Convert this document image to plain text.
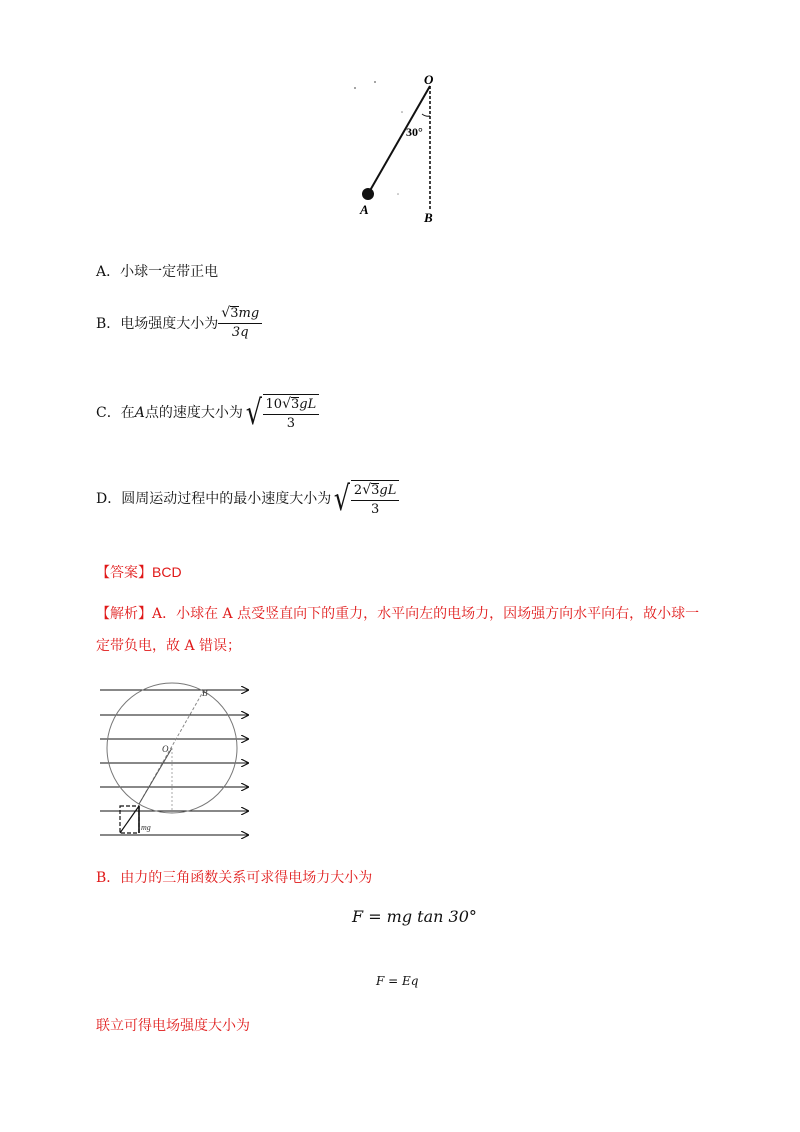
O
30°
A
B
A．小球一定带正电
B． 电场强度大小为 $\frac{√ 3 mg}{3q}$
C． 在 A 点的速度大小为 √ $\frac{10 √ 3 gL}{3}$
D． 圆周运动过程中的最小速度大小为 √ $\frac{2 √ 3 gL}{3}$
【答案】BCD
【解析】A．小球在 A 点受竖直向下的重力，水平向左的电场力，因场强方向水平向右，故小球一
定带负电，故 A 错误；
B
O
mg
B．由力的三角函数关系可求得电场力大小为
F = mg tan 30°
F = Eq
联立可得电场强度大小为
